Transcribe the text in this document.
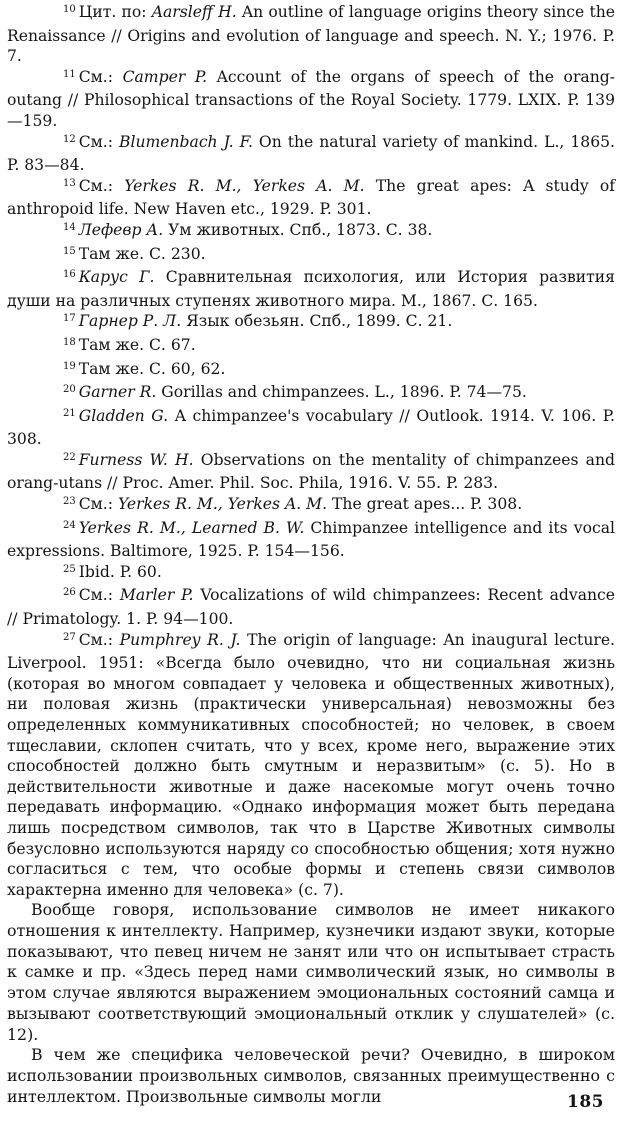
$^{10}$ Цит. по: Aarsleff H. An outline of language origins theory since the Renaissance // Origins and evolution of language and speech. N. Y.; 1976. P. 7.

$^{11}$ См.: Camper P. Account of the organs of speech of the orang-outang // Philosophical transactions of the Royal Society. 1779. LXIX. P. 139—159.

$^{12}$ См.: Blumenbach J. F. On the natural variety of mankind. L., 1865. P. 83—84.

$^{13}$ См.: Yerkes R. M., Yerkes A. M. The great apes: A study of anthropoid life. New Haven etc., 1929. P. 301.

$^{14}$ Лефевр А. Ум животных. Спб., 1873. С. 38.

$^{15}$ Там же. С. 230.

$^{16}$ Карус Г. Сравнительная психология, или История развития души на различных ступенях животного мира. М., 1867. С. 165.

$^{17}$ Гарнер Р. Л. Язык обезьян. Спб., 1899. С. 21.

$^{18}$ Там же. С. 67.

$^{19}$ Там же. С. 60, 62.

$^{20}$ Garner R. Gorillas and chimpanzees. L., 1896. P. 74—75.

$^{21}$ Gladden G. A chimpanzee's vocabulary // Outlook. 1914. V. 106. P. 308.

$^{22}$ Furness W. H. Observations on the mentality of chimpanzees and orang-utans // Proc. Amer. Phil. Soc. Phila, 1916. V. 55. P. 283.

$^{23}$ См.: Yerkes R. M., Yerkes A. M. The great apes... P. 308.

$^{24}$ Yerkes R. M., Learned B. W. Chimpanzee intelligence and its vocal expressions. Baltimore, 1925. P. 154—156.

$^{25}$ Ibid. P. 60.

$^{26}$ См.: Marler P. Vocalizations of wild chimpanzees: Recent advance // Primatology. 1. P. 94—100.

$^{27}$ См.: Pumphrey R. J. The origin of language: An inaugural lecture. Liverpool. 1951: «Всегда было очевидно, что ни социальная жизнь (которая во многом совпадает у человека и общественных животных), ни половая жизнь (практически универсальная) невозможны без определенных коммуникативных способностей; но человек, в своем тщеславии, склопен считать, что у всех, кроме него, выражение этих способностей должно быть смутным и неразвитым» (с. 5). Но в действительности животные и даже насекомые могут очень точно передавать информацию. «Однако информация может быть передана лишь посредством символов, так что в Царстве Животных символы безусловно используются наряду со способностью общения; хотя нужно согласиться с тем, что особые формы и степень связи символов характерна именно для человека» (с. 7).

Вообще говоря, использование символов не имеет никакого отношения к интеллекту. Например, кузнечики издают звуки, которые показывают, что певец ничем не занят или что он испытывает страсть к самке и пр. «Здесь перед нами символический язык, но символы в этом случае являются выражением эмоциональных состояний самца и вызывают соответствующий эмоциональный отклик у слушателей» (с. 12).

В чем же специфика человеческой речи? Очевидно, в широком использовании произвольных символов, связанных преимущественно с интеллектом. Произвольные символы могли	185
